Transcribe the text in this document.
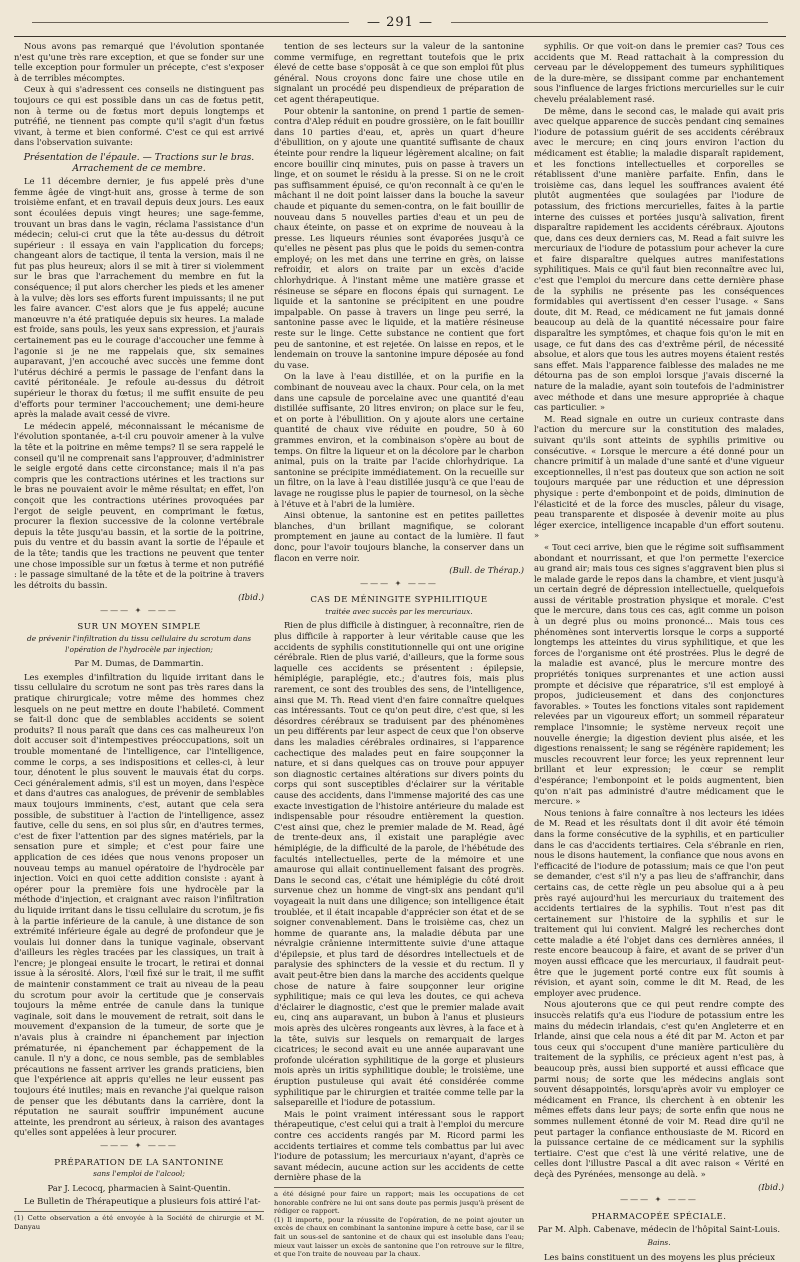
— 291 —

Nous avons pas remarqué que l'évolution spontanée n'est qu'une très rare exception, et que se fonder sur une telle exception pour formuler un précepte, c'est s'exposer à de terribles mécomptes.

Ceux à qui s'adressent ces conseils ne distinguent pas toujours ce qui est possible dans un cas de fœtus petit, non à terme ou de fœtus mort depuis longtemps et putréfié, ne tiennent pas compte qu'il s'agit d'un fœtus vivant, à terme et bien conformé. C'est ce qui est arrivé dans l'observation suivante:

Présentation de l'épaule. — Tractions sur le bras. Arrachement de ce membre.

Le 11 décembre dernier, je fus appelé près d'une femme âgée de vingt-huit ans, grosse à terme de son troisième enfant, et en travail depuis deux jours. Les eaux sont écoulées depuis vingt heures; une sage-femme, trouvant un bras dans le vagin, réclama l'assistance d'un médecin; celui-ci crut que la tête au-dessus du détroit supérieur : il essaya en vain l'application du forceps; changeant alors de tactique, il tenta la version, mais il ne fut pas plus heureux; alors il se mit à tirer si violemment sur le bras que l'arrachement du membre en fut la conséquence; il put alors chercher les pieds et les amener à la vulve; dès lors ses efforts furent impuissants; il ne put les faire avancer. C'est alors que je fus appelé; aucune manœuvre n'a été pratiquée depuis six heures. La malade est froide, sans pouls, les yeux sans expression, et j'aurais certainement pas eu le courage d'accoucher une femme à l'agonie si je ne me rappelais que, six semaines auparavant, j'en accouché avec succès une femme dont l'utérus déchiré a permis le passage de l'enfant dans la cavité péritonéale. Je refoule au-dessus du détroit supérieur le thorax du fœtus; il me suffit ensuite de peu d'efforts pour terminer l'accouchement; une demi-heure après la malade avait cessé de vivre.

Le médecin appelé, méconnaissant le mécanisme de l'évolution spontanée, a-t-il cru pouvoir amener à la vulve la tête et la poitrine en même temps? Il se sera rappelé le conseil qu'il ne comprenait sans l'approuver, d'administrer le seigle ergoté dans cette circonstance; mais il n'a pas compris que les contractions utérines et les tractions sur le bras ne pouvaient avoir le même résultat; en effet, l'on conçoit que les contractions utérines provoquées par l'ergot de seigle peuvent, en comprimant le fœtus, procurer la flexion successive de la colonne vertébrale depuis la tête jusqu'au bassin, et la sortie de la poitrine, puis du ventre et du bassin avant la sortie de l'épaule et de la tête; tandis que les tractions ne peuvent que tenter une chose impossible sur un fœtus à terme et non putréfié : le passage simultané de la tête et de la poitrine à travers les détroits du bassin.

(Ibid.)
——— ✦ ———
SUR UN MOYEN SIMPLE
de prévenir l'infiltration du tissu cellulaire du scrotum dans l'opération de l'hydrocèle par injection;
Par M. Dumas, de Dammartin.

Les exemples d'infiltration du liquide irritant dans le tissu cellulaire du scrotum ne sont pas très rares dans la pratique chirurgicale; votre même des hommes chez lesquels on ne peut mettre en doute l'habileté. Comment se fait-il donc que de semblables accidents se soient produits? Il nous paraît que dans ces cas malheureux l'on doit accuser soit d'intempestives préoccupations, soit un trouble momentané de l'intelligence, car l'intelligence, comme le corps, a ses indispositions et celles-ci, à leur tour, dénotent le plus souvent le mauvais état du corps. Ceci généralement admis, s'il est un moyen, dans l'espèce et dans d'autres cas analogues, de prévenir de semblables maux toujours imminents, c'est, autant que cela sera possible, de substituer à l'action de l'intelligence, assez fautive, celle du sens, en soi plus sûr, en d'autres termes, c'est de fixer l'attention par des signes matériels, par la sensation pure et simple; et c'est pour faire une application de ces idées que nous venons proposer un nouveau temps au manuel opératoire de l'hydrocèle par injection. Voici en quoi cette addition consiste : ayant à opérer pour la première fois une hydrocèle par la méthode d'injection, et craignant avec raison l'infiltration du liquide irritant dans le tissu cellulaire du scrotum, je fis à la partie inférieure de la canule, à une distance de son extrémité inférieure égale au degré de profondeur que je voulais lui donner dans la tunique vaginale, observant d'ailleurs les règles tracées par les classiques, un trait à l'encre; je plongeai ensuite le trocart, le retirai et donnai issue à la sérosité. Alors, l'œil fixé sur le trait, il me suffit de maintenir constamment ce trait au niveau de la peau du scrotum pour avoir la certitude que je conservais toujours la même entrée de canule dans la tunique vaginale, soit dans le mouvement de retrait, soit dans le mouvement d'expansion de la tumeur, de sorte que je n'avais plus à craindre ni épanchement par injection prématurée, ni épanchement par échappement de la canule. Il n'y a donc, ce nous semble, pas de semblables précautions ne fassent arriver les grands praticiens, bien que l'expérience ait appris qu'elles ne leur eussent pas toujours été inutiles; mais en revanche j'ai quelque raison de penser que les débutants dans la carrière, dont la réputation ne saurait souffrir impunément aucune atteinte, les prendront au sérieux, à raison des avantages qu'elles sont appelées à leur procurer.

——— ✦ ———
PRÉPARATION DE LA SANTONINE
sans l'emploi de l'alcool;
Par J. Lecocq, pharmacien à Saint-Quentin.

Le Bulletin de Thérapeutique a plusieurs fois attiré l'at-

(1) Cette observation a été envoyée à la Société de chirurgie et M. Danyau

tention de ses lecteurs sur la valeur de la santonine comme vermifuge, en regrettant toutefois que le prix élevé de cette base s'opposât à ce que son emploi fût plus général. Nous croyons donc faire une chose utile en signalant un procédé peu dispendieux de préparation de cet agent thérapeutique.

Pour obtenir la santonine, on prend 1 partie de semen-contra d'Alep réduit en poudre grossière, on le fait bouillir dans 10 parties d'eau, et, après un quart d'heure d'ébullition, on y ajoute une quantité suffisante de chaux éteinte pour rendre la liqueur légèrement alcaline; on fait encore bouillir cinq minutes, puis on passe à travers un linge, et on soumet le résidu à la presse. Si on ne le croit pas suffisamment épuisé, ce qu'on reconnaît à ce qu'en le mâchant il ne doit point laisser dans la bouche la saveur chaude et piquante du semen-contra, on le fait bouillir de nouveau dans 5 nouvelles parties d'eau et un peu de chaux éteinte, on passe et on exprime de nouveau à la presse. Les liqueurs réunies sont évaporées jusqu'à ce qu'elles ne pèsent pas plus que le poids du semen-contra employé; on les met dans une terrine en grès, on laisse refroidir, et alors on traite par un excès d'acide chlorhydrique. À l'instant même une matière grasse et résineuse se sépare en flocons épais qui surnagent. Le liquide et la santonine se précipitent en une poudre impalpable. On passe à travers un linge peu serré, la santonine passe avec le liquide, et la matière résineuse reste sur le linge. Cette substance ne contient que fort peu de santonine, et est rejetée. On laisse en repos, et le lendemain on trouve la santonine impure déposée au fond du vase.

On la lave à l'eau distillée, et on la purifie en la combinant de nouveau avec la chaux. Pour cela, on la met dans une capsule de porcelaine avec une quantité d'eau distillée suffisante, 20 litres environ; on place sur le feu, et on porte à l'ébullition. On y ajoute alors une certaine quantité de chaux vive réduite en poudre, 50 à 60 grammes environ, et la combinaison s'opère au bout de temps. On filtre la liqueur et on la décolore par le charbon animal, puis on la traite par l'acide chlorhydrique. La santonine se précipite immédiatement. On la recueille sur un filtre, on la lave à l'eau distillée jusqu'à ce que l'eau de lavage ne rougisse plus le papier de tournesol, on la sèche à l'étuve et à l'abri de la lumière.

Ainsi obtenue, la santonine est en petites paillettes blanches, d'un brillant magnifique, se colorant promptement en jaune au contact de la lumière. Il faut donc, pour l'avoir toujours blanche, la conserver dans un flacon en verre noir.

(Bull. de Thérap.)
——— ✦ ———
CAS DE MÉNINGITE SYPHILITIQUE
traitée avec succès par les mercuriaux.

Rien de plus difficile à distinguer, à reconnaître, rien de plus difficile à rapporter à leur véritable cause que les accidents de syphilis constitutionnelle qui ont une origine cérébrale. Rien de plus varié, d'ailleurs, que la forme sous laquelle ces accidents se présentent : épilepsie, hémiplégie, paraplégie, etc.; d'autres fois, mais plus rarement, ce sont des troubles des sens, de l'intelligence, ainsi que M. Th. Read vient d'en faire connaître quelques cas intéressants. Tout ce qu'on peut dire, c'est que, si les désordres cérébraux se traduisent par des phénomènes un peu différents par leur aspect de ceux que l'on observe dans les maladies cérébrales ordinaires, si l'apparence cachectique des malades peut en faire soupçonner la nature, et si dans quelques cas on trouve pour appuyer son diagnostic certaines altérations sur divers points du corps qui sont susceptibles d'éclairer sur la véritable cause des accidents, dans l'immense majorité des cas une exacte investigation de l'histoire antérieure du malade est indispensable pour résoudre entièrement la question. C'est ainsi que, chez le premier malade de M. Read, âgé de trente-deux ans, il existait une paraplégie avec hémiplégie, de la difficulté de la parole, de l'hébétude des facultés intellectuelles, perte de la mémoire et une amaurose qui allait continuellement faisant des progrès. Dans le second cas, c'était une hémiplégie du côté droit survenue chez un homme de vingt-six ans pendant qu'il voyageait la nuit dans une diligence; son intelligence était troublée, et il était incapable d'apprécier son état et de se soigner convenablement. Dans le troisième cas, chez un homme de quarante ans, la maladie débuta par une névralgie crânienne intermittente suivie d'une attaque d'épilepsie, et plus tard de désordres intellectuels et de paralysie des sphincters de la vessie et du rectum. Il y avait peut-être bien dans la marche des accidents quelque chose de nature à faire soupçonner leur origine syphilitique; mais ce qui leva les doutes, ce qui acheva d'éclairer le diagnostic, c'est que le premier malade avait eu, cinq ans auparavant, un bubon à l'anus et plusieurs mois après des ulcères rongeants aux lèvres, à la face et à la tête, suivis sur lesquels on remarquait de larges cicatrices; le second avait eu une année auparavant une profonde ulcération syphilitique de la gorge et plusieurs mois après un iritis syphilitique double; le troisième, une éruption pustuleuse qui avait été considérée comme syphilitique par le chirurgien et traitée comme telle par la salsepareille et l'iodure de potassium.

Mais le point vraiment intéressant sous le rapport thérapeutique, c'est celui qui a trait à l'emploi du mercure contre ces accidents rangés par M. Ricord parmi les accidents tertiaires et comme tels combattus par lui avec l'iodure de potassium; les mercuriaux n'ayant, d'après ce savant médecin, aucune action sur les accidents de cette dernière phase de la

a été désigné pour faire un rapport; mais les occupations de cet honorable confrère ne lui ont sans doute pas permis jusqu'à présent de rédiger ce rapport.
(1) Il importe, pour la réussite de l'opération, de ne point ajouter un excès de chaux en combinant la santonine impure à cette base, car il se fait un sous-sel de santonine et de chaux qui est insoluble dans l'eau; mieux vaut laisser un excès de santonine que l'on retrouve sur le filtre, et que l'on traite de nouveau par la chaux.

syphilis. Or que voit-on dans le premier cas? Tous ces accidents que M. Read rattachait à la compression du cerveau par le développement des tumeurs syphilitiques de la dure-mère, se dissipant comme par enchantement sous l'influence de larges frictions mercurielles sur le cuir chevelu préalablement rasé.

De même, dans le second cas, le malade qui avait pris avec quelque apparence de succès pendant cinq semaines l'iodure de potassium guérit de ses accidents cérébraux avec le mercure; en cinq jours environ l'action du médicament est établie; la maladie disparaît rapidement, et les fonctions intellectuelles et corporelles se rétablissent d'une manière parfaite. Enfin, dans le troisième cas, dans lequel les souffrances avaient été plutôt augmentées que soulagées par l'iodure de potassium, des frictions mercurielles, faites à la partie interne des cuisses et portées jusqu'à salivation, firent disparaître rapidement les accidents cérébraux. Ajoutons que, dans ces deux derniers cas, M. Read a fait suivre les mercuriaux de l'iodure de potassium pour achever la cure et faire disparaître quelques autres manifestations syphilitiques. Mais ce qu'il faut bien reconnaître avec lui, c'est que l'emploi du mercure dans cette dernière phase de la syphilis ne présente pas les conséquences formidables qui avertissent d'en cesser l'usage. « Sans doute, dit M. Read, ce médicament ne fut jamais donné beaucoup au delà de la quantité nécessaire pour faire disparaître les symptômes, et chaque fois qu'on le mit en usage, ce fut dans des cas d'extrême péril, de nécessité absolue, et alors que tous les autres moyens étaient restés sans effet. Mais l'apparence faiblesse des malades ne me détourna pas de son emploi lorsque j'avais discerné la nature de la maladie, ayant soin toutefois de l'administrer avec méthode et dans une mesure appropriée à chaque cas particulier. »

M. Read signale en outre un curieux contraste dans l'action du mercure sur la constitution des malades, suivant qu'ils sont atteints de syphilis primitive ou consécutive. « Lorsque le mercure a été donné pour un chancre primitif à un malade d'une santé et d'une vigueur exceptionnelles, il n'est pas douteux que son action ne soit toujours marquée par une réduction et une dépression physique : perte d'embonpoint et de poids, diminution de l'élasticité et de la force des muscles, pâleur du visage, peau transparente et disposée à devenir moite au plus léger exercice, intelligence incapable d'un effort soutenu. »

« Tout ceci arrive, bien que le régime soit suffisamment abondant et nourrissant, et que l'on permette l'exercice au grand air; mais tous ces signes s'aggravent bien plus si le malade garde le repos dans la chambre, et vient jusqu'à un certain degré de dépression intellectuelle, quelquefois aussi de véritable prostration physique et morale. C'est que le mercure, dans tous ces cas, agit comme un poison à un degré plus ou moins prononcé... Mais tous ces phénomènes sont intervertis lorsque le corps a supporté longtemps les atteintes du virus syphilitique, et que les forces de l'organisme ont été prostrées. Plus le degré de la maladie est avancé, plus le mercure montre des propriétés toniques surprenantes et une action aussi prompte et décisive que réparatrice, s'il est employé à propos, judicieusement et dans des conjonctures favorables. » Toutes les fonctions vitales sont rapidement relevées par un vigoureux effort; un sommeil réparateur remplace l'insomnie; le système nerveux reçoit une nouvelle énergie; la digestion devient plus aisée, et les digestions renaissent; le sang se régénère rapidement; les muscles recouvrent leur force; les yeux reprennent leur brillant et leur expression; le cœur se remplit d'espérance; l'embonpoint et le poids augmentent, bien qu'on n'ait pas administré d'autre médicament que le mercure. »

Nous tenions à faire connaître à nos lecteurs les idées de M. Read et les résultats dont il dit avoir été témoin dans la forme consécutive de la syphilis, et en particulier dans le cas d'accidents tertiaires. Cela s'ébranle en rien, nous le disons hautement, la confiance que nous avons en l'efficacité de l'iodure de potassium; mais ce que l'on peut se demander, c'est s'il n'y a pas lieu de s'affranchir, dans certains cas, de cette règle un peu absolue qui a à peu près rayé aujourd'hui les mercuriaux du traitement des accidents tertiaires de la syphilis. Tout n'est pas dit certainement sur l'histoire de la syphilis et sur le traitement qui lui convient. Malgré les recherches dont cette maladie a été l'objet dans ces dernières années, il reste encore beaucoup à faire, et avant de se priver d'un moyen aussi efficace que les mercuriaux, il faudrait peut-être que le jugement porté contre eux fût soumis à révision, et ayant soin, comme le dit M. Read, de les employer avec prudence.

Nous ajouterons que ce qui peut rendre compte des insuccès relatifs qu'a eus l'iodure de potassium entre les mains du médecin irlandais, c'est qu'en Angleterre et en Irlande, ainsi que cela nous a été dit par M. Acton et par tous ceux qui s'occupent d'une manière particulière du traitement de la syphilis, ce précieux agent n'est pas, à beaucoup près, aussi bien supporté et aussi efficace que parmi nous; de sorte que les médecins anglais sont souvent désappointés, lorsqu'après avoir vu employer ce médicament en France, ils cherchent à en obtenir les mêmes effets dans leur pays; de sorte enfin que nous ne sommes nullement étonné de voir M. Read dire qu'il ne peut partager la confiance enthousiaste de M. Ricord en la puissance certaine de ce médicament sur la syphilis tertiaire. C'est que c'est là une vérité relative, une de celles dont l'illustre Pascal a dit avec raison « Vérité en deçà des Pyrénées, mensonge au delà. »

(Ibid.)
——— ✦ ———
PHARMACOPÉE SPÉCIALE.
Par M. Alph. Cabenave, médecin de l'hôpital Saint-Louis.
Bains.

Les bains constituent un des moyens les plus précieux
